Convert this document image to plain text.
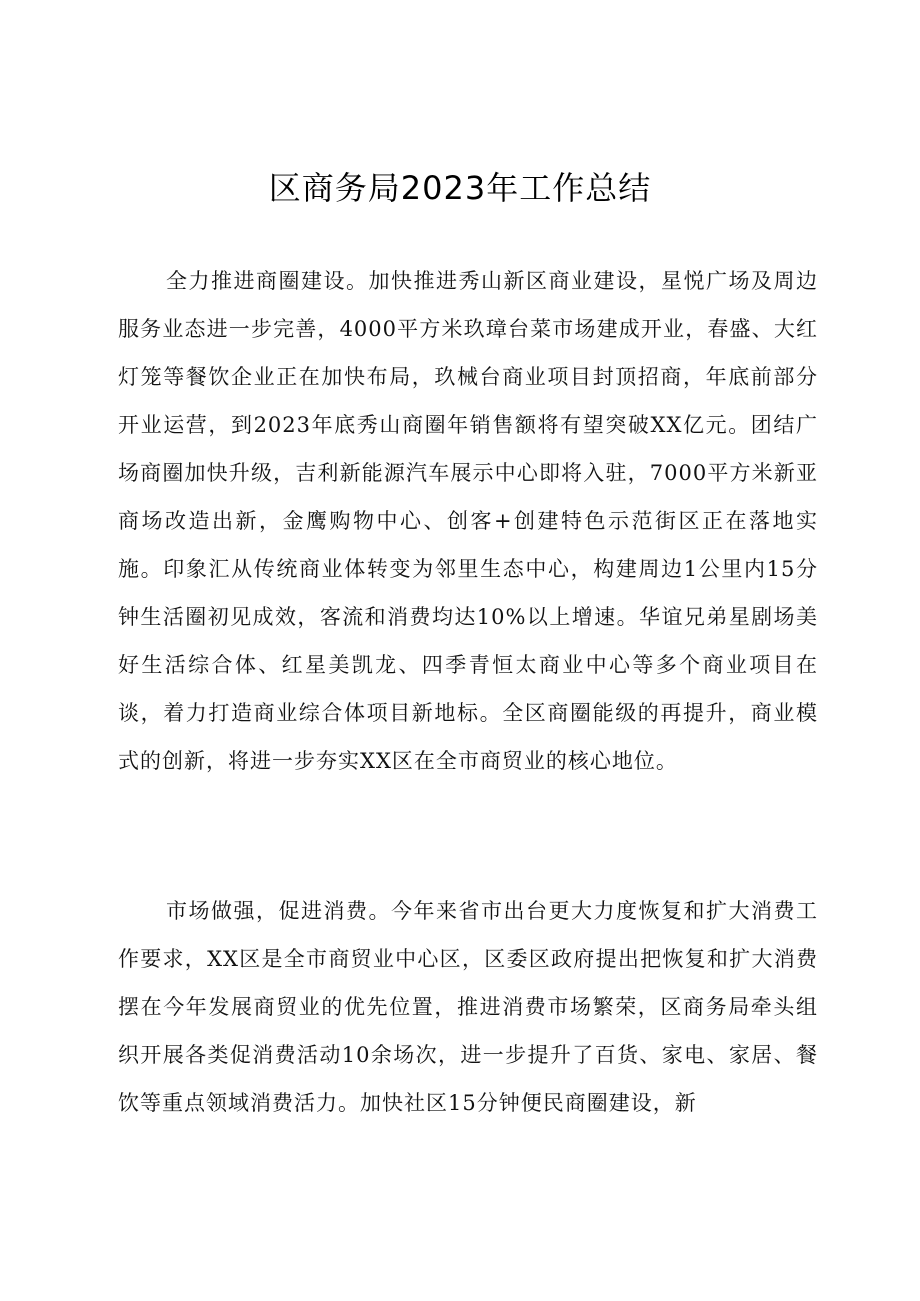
区商务局2023年工作总结

全力推进商圈建设。加快推进秀山新区商业建设，星悦广场及周边服务业态进一步完善，4000平方米玖璋台菜市场建成开业，春盛、大红灯笼等餐饮企业正在加快布局，玖械台商业项目封顶招商，年底前部分开业运营，到2023年底秀山商圈年销售额将有望突破XX亿元。团结广场商圈加快升级，吉利新能源汽车展示中心即将入驻，7000平方米新亚商场改造出新，金鹰购物中心、创客+创建特色示范街区正在落地实施。印象汇从传统商业体转变为邻里生态中心，构建周边1公里内15分钟生活圈初见成效，客流和消费均达10%以上增速。华谊兄弟星剧场美好生活综合体、红星美凯龙、四季青恒太商业中心等多个商业项目在谈，着力打造商业综合体项目新地标。全区商圈能级的再提升，商业模式的创新，将进一步夯实XX区在全市商贸业的核心地位。

市场做强，促进消费。今年来省市出台更大力度恢复和扩大消费工作要求，XX区是全市商贸业中心区，区委区政府提出把恢复和扩大消费摆在今年发展商贸业的优先位置，推进消费市场繁荣，区商务局牵头组织开展各类促消费活动10余场次，进一步提升了百货、家电、家居、餐饮等重点领域消费活力。加快社区15分钟便民商圈建设，新
